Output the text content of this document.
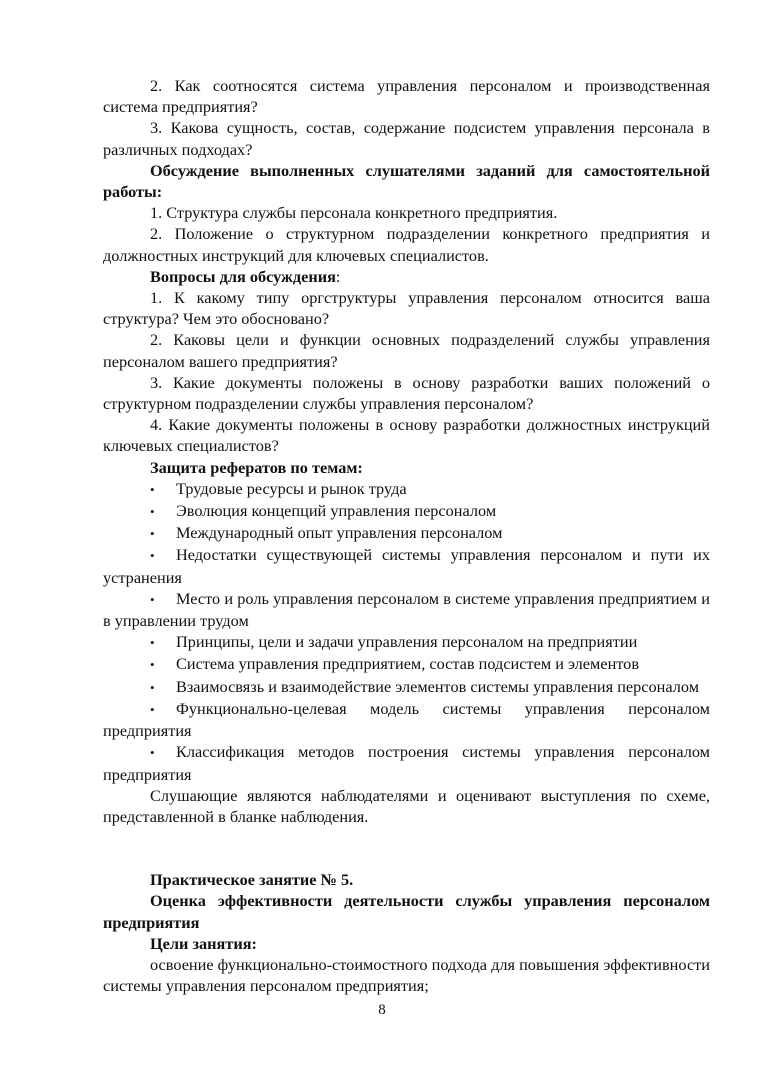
2. Как соотносятся система управления персоналом и производственная система предприятия?

3. Какова сущность, состав, содержание подсистем управления персонала в различных подходах?

Обсуждение выполненных слушателями заданий для самостоятельной работы:

1. Структура службы персонала конкретного предприятия.

2. Положение о структурном подразделении конкретного предприятия и должностных инструкций для ключевых специалистов.

Вопросы для обсуждения:

1. К какому типу оргструктуры управления персоналом относится ваша структура? Чем это обосновано?

2. Каковы цели и функции основных подразделений службы управления персоналом вашего предприятия?

3. Какие документы положены в основу разработки ваших положений о структурном подразделении службы управления персоналом?

4. Какие документы положены в основу разработки должностных инструкций ключевых специалистов?

Защита рефератов по темам:

• Трудовые ресурсы и рынок труда
• Эволюция концепций управления персоналом
• Международный опыт управления персоналом
• Недостатки существующей системы управления персоналом и пути их устранения
• Место и роль управления персоналом в системе управления предприятием и в управлении трудом
• Принципы, цели и задачи управления персоналом на предприятии
• Система управления предприятием, состав подсистем и элементов
• Взаимосвязь и взаимодействие элементов системы управления персоналом
• Функционально-целевая модель системы управления персоналом предприятия
• Классификация методов построения системы управления персоналом предприятия

Слушающие являются наблюдателями и оценивают выступления по схеме, представленной в бланке наблюдения.

Практическое занятие № 5.

Оценка эффективности деятельности службы управления персоналом предприятия

Цели занятия:

освоение функционально-стоимостного подхода для повышения эффективности системы управления персоналом предприятия;

8
